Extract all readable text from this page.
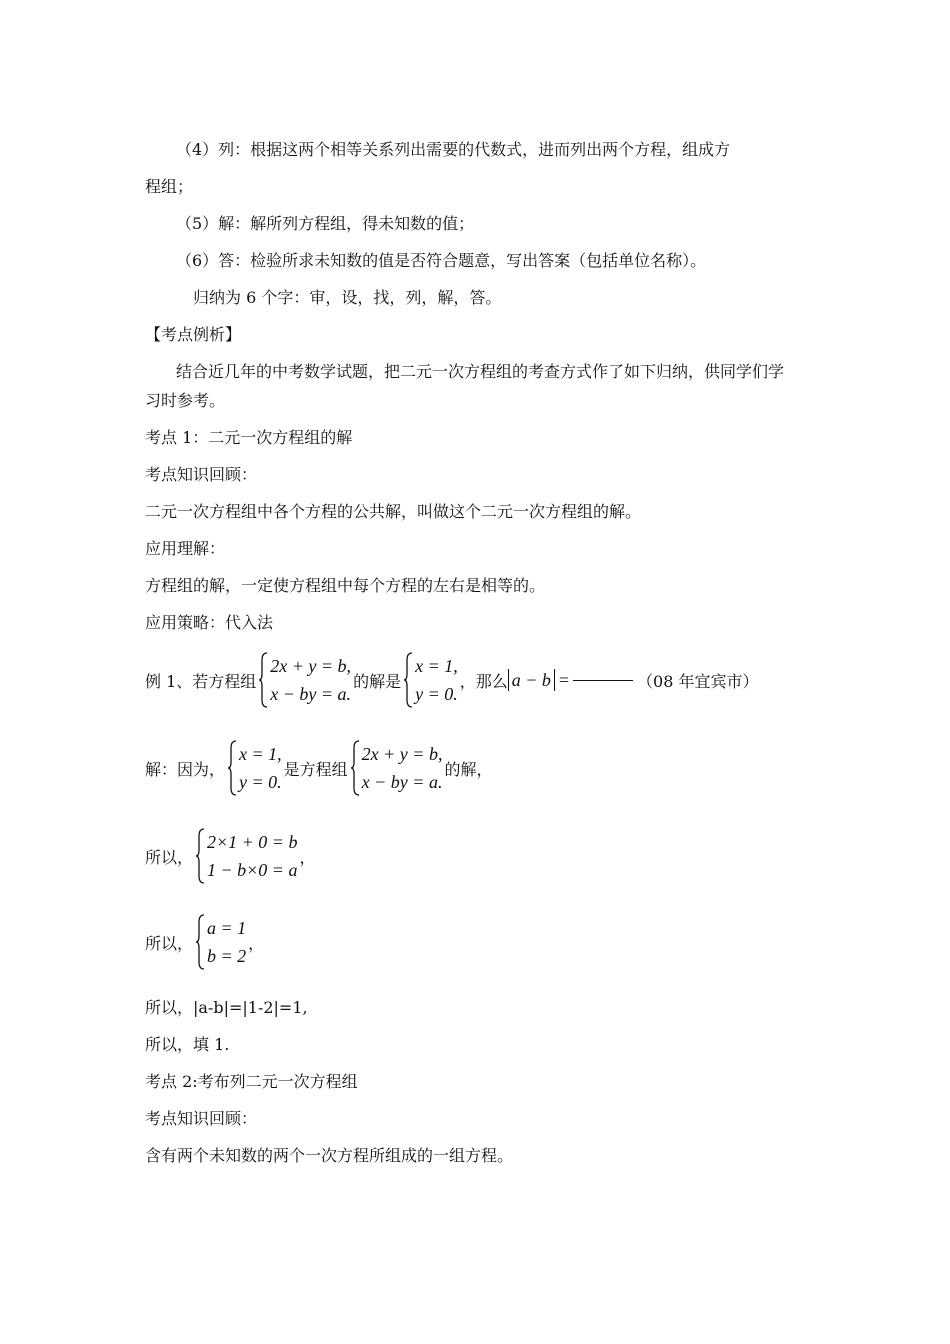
（4）列：根据这两个相等关系列出需要的代数式，进而列出两个方程，组成方
程组；
（5）解：解所列方程组，得未知数的值；
（6）答：检验所求未知数的值是否符合题意，写出答案（包括单位名称）。
归纳为 6 个字：审，设，找，列，解，答。
【考点例析】
结合近几年的中考数学试题，把二元一次方程组的考查方式作了如下归纳，供同学们学
习时参考。
考点 1：二元一次方程组的解
考点知识回顾：
二元一次方程组中各个方程的公共解，叫做这个二元一次方程组的解。
应用理解：
方程组的解，一定使方程组中每个方程的左右是相等的。
应用策略：代入法
例 1、若方程组
2x + y = b,
x − by = a.
的解是
x = 1,
y = 0.
，那么 a − b =	（08 年宜宾市）
解：因为，
x = 1,
y = 0.
是方程组
2x + y = b,
x − by = a.
的解，
所以，
2×1 + 0 = b
1 − b×0 = a
，
所以，
a = 1
b = 2
，
所以，|a-b|=|1-2|=1,
所以，填 1.
考点 2:考布列二元一次方程组
考点知识回顾：
含有两个未知数的两个一次方程所组成的一组方程。
